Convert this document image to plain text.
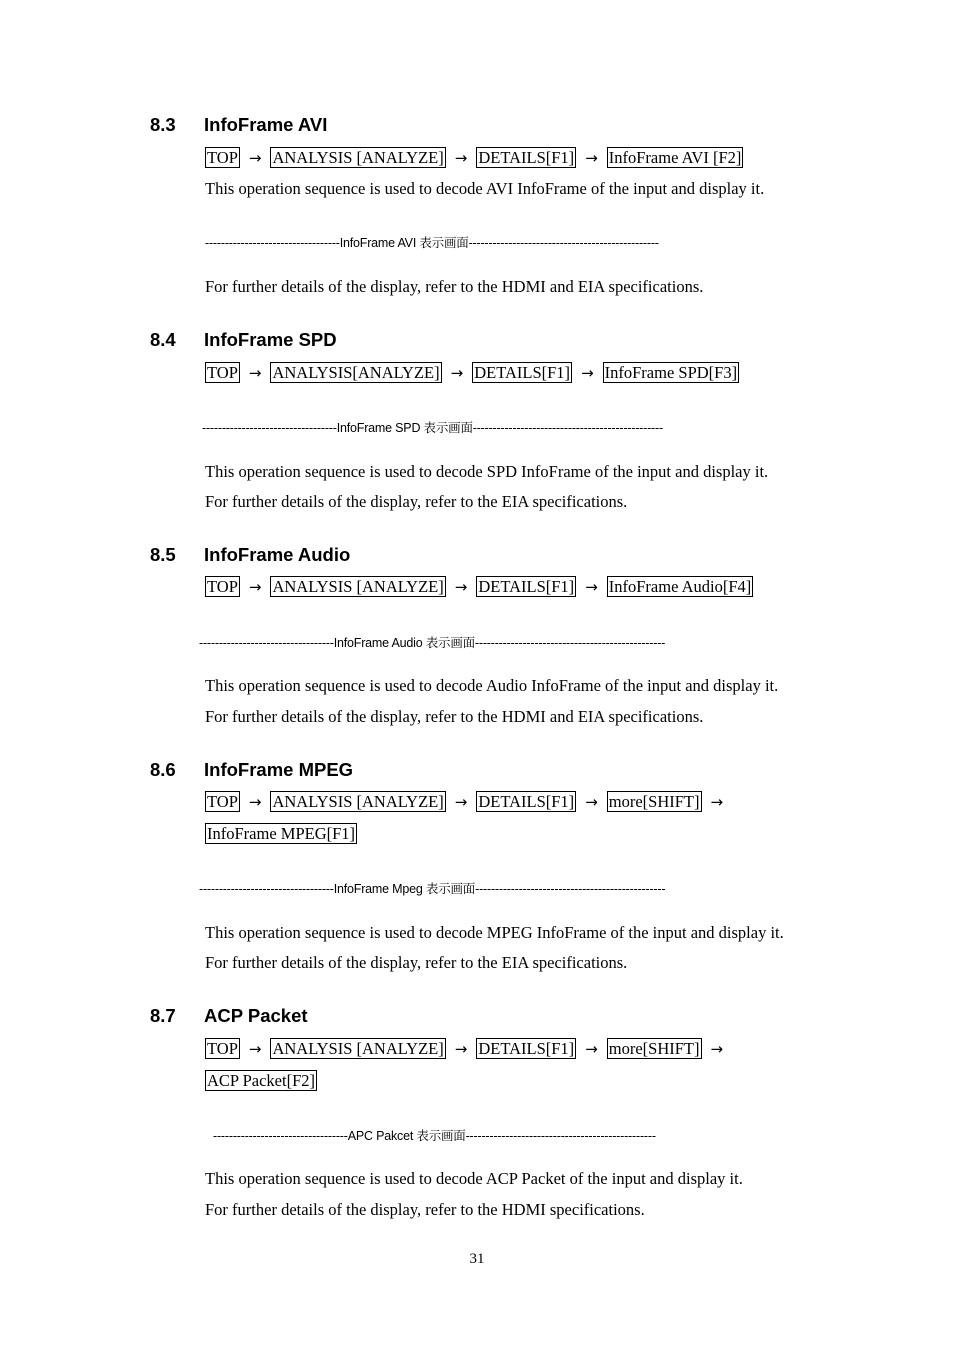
8.3 InfoFrame AVI
TOP → ANALYSIS [ANALYZE] → DETAILS[F1] → InfoFrame AVI [F2]
This operation sequence is used to decode AVI InfoFrame of the input and display it.
----------------------------------InfoFrame AVI 表示画面------------------------------------------------
For further details of the display, refer to the HDMI and EIA specifications.
8.4 InfoFrame SPD
TOP → ANALYSIS[ANALYZE] → DETAILS[F1] → InfoFrame SPD[F3]
----------------------------------InfoFrame SPD 表示画面------------------------------------------------
This operation sequence is used to decode SPD InfoFrame of the input and display it.
For further details of the display, refer to the EIA specifications.
8.5 InfoFrame Audio
TOP → ANALYSIS [ANALYZE] → DETAILS[F1] → InfoFrame Audio[F4]
----------------------------------InfoFrame Audio 表示画面------------------------------------------------
This operation sequence is used to decode Audio InfoFrame of the input and display it.
For further details of the display, refer to the HDMI and EIA specifications.
8.6 InfoFrame MPEG
TOP → ANALYSIS [ANALYZE] → DETAILS[F1] → more[SHIFT] →
InfoFrame MPEG[F1]
----------------------------------InfoFrame Mpeg 表示画面------------------------------------------------
This operation sequence is used to decode MPEG InfoFrame of the input and display it.
For further details of the display, refer to the EIA specifications.
8.7 ACP Packet
TOP → ANALYSIS [ANALYZE] → DETAILS[F1] → more[SHIFT] →
ACP Packet[F2]
----------------------------------APC Pakcet 表示画面------------------------------------------------
This operation sequence is used to decode ACP Packet of the input and display it.
For further details of the display, refer to the HDMI specifications.
31
